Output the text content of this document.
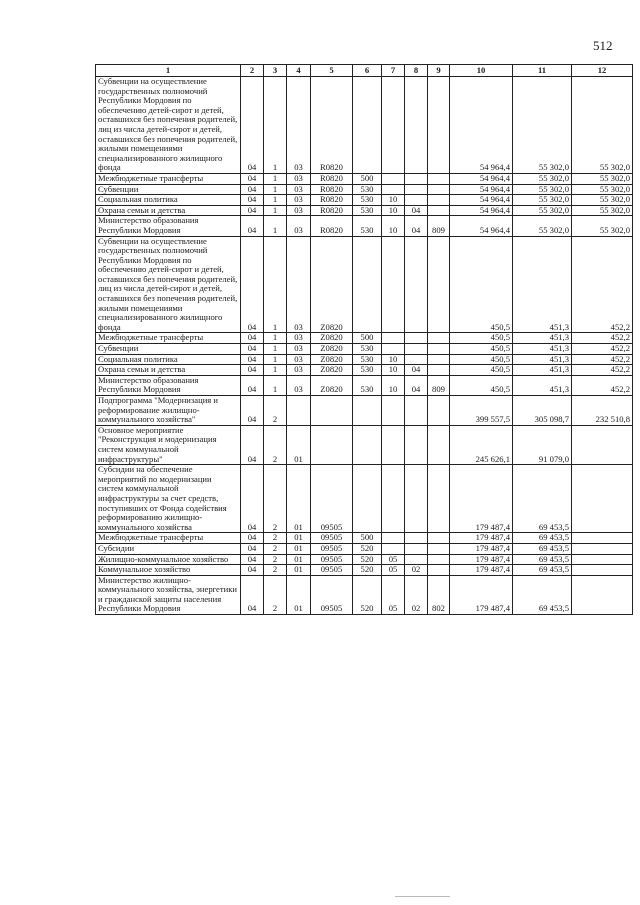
512
1	2	3	4	5	6	7	8	9	10	11	12
Субвенции на осуществление государственных полномочий Республики Мордовия по обеспечению детей-сирот и детей, оставшихся без попечения родителей, лиц из числа детей-сирот и детей, оставшихся без попечения родителей, жилыми помещениями специализированного жилищного фонда	04	1	03	R0820					54 964,4	55 302,0	55 302,0
Межбюджетные трансферты	04	1	03	R0820	500				54 964,4	55 302,0	55 302,0
Субвенции	04	1	03	R0820	530				54 964,4	55 302,0	55 302,0
Социальная политика	04	1	03	R0820	530	10			54 964,4	55 302,0	55 302,0
Охрана семьи и детства	04	1	03	R0820	530	10	04		54 964,4	55 302,0	55 302,0
Министерство образования Республики Мордовия	04	1	03	R0820	530	10	04	809	54 964,4	55 302,0	55 302,0
Субвенции на осуществление государственных полномочий Республики Мордовия по обеспечению детей-сирот и детей, оставшихся без попечения родителей, лиц из числа детей-сирот и детей, оставшихся без попечения родителей, жилыми помещениями специализированного жилищного фонда	04	1	03	Z0820					450,5	451,3	452,2
Межбюджетные трансферты	04	1	03	Z0820	500				450,5	451,3	452,2
Субвенции	04	1	03	Z0820	530				450,5	451,3	452,2
Социальная политика	04	1	03	Z0820	530	10			450,5	451,3	452,2
Охрана семьи и детства	04	1	03	Z0820	530	10	04		450,5	451,3	452,2
Министерство образования Республики Мордовия	04	1	03	Z0820	530	10	04	809	450,5	451,3	452,2
Подпрограмма "Модернизация и реформирование жилищно-коммунального хозяйства"	04	2							399 557,5	305 098,7	232 510,8
Основное мероприятие "Реконструкция и модернизация систем коммунальной инфраструктуры"	04	2	01						245 626,1	91 079,0	
Субсидии на обеспечение мероприятий по модернизации систем коммунальной инфраструктуры за счет средств, поступивших от Фонда содействия реформированию жилищно-коммунального хозяйства	04	2	01	09505					179 487,4	69 453,5	
Межбюджетные трансферты	04	2	01	09505	500				179 487,4	69 453,5	
Субсидии	04	2	01	09505	520				179 487,4	69 453,5	
Жилищно-коммунальное хозяйство	04	2	01	09505	520	05			179 487,4	69 453,5	
Коммунальное хозяйство	04	2	01	09505	520	05	02		179 487,4	69 453,5	
Министерство жилищно-коммунального хозяйства, энергетики и гражданской защиты населения Республики Мордовия	04	2	01	09505	520	05	02	802	179 487,4	69 453,5	
